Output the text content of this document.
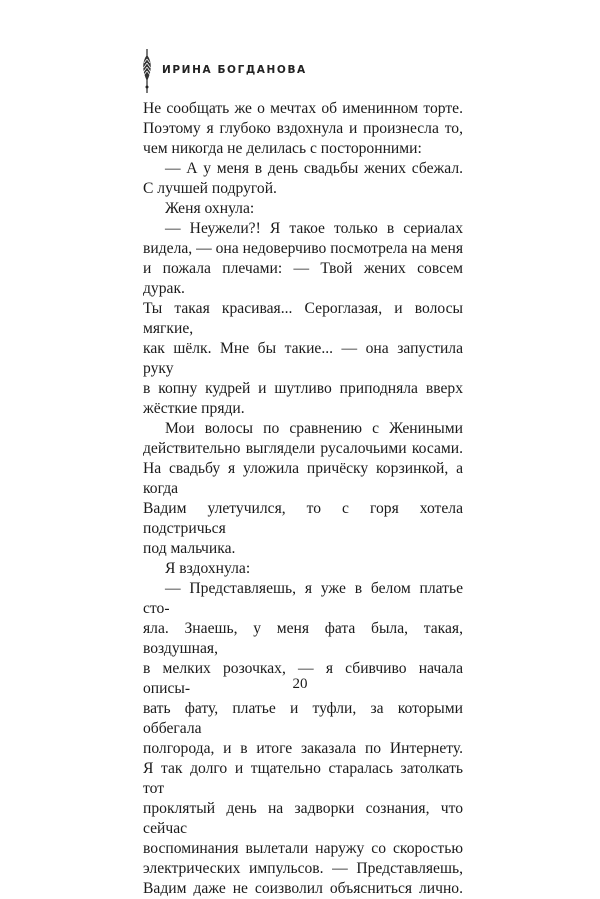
ИРИНА БОГДАНОВА

Не сообщать же о мечтах об именинном торте.

Поэтому я глубоко вздохнула и произнесла то,

чем никогда не делилась с посторонними:

— А у меня в день свадьбы жених сбежал.

С лучшей подругой.

Женя охнула:

— Неужели?! Я такое только в сериалах

видела, — она недоверчиво посмотрела на меня

и пожала плечами: — Твой жених совсем дурак.

Ты такая красивая... Сероглазая, и волосы мягкие,

как шёлк. Мне бы такие... — она запустила руку

в копну кудрей и шутливо приподняла вверх

жёсткие пряди.

Мои волосы по сравнению с Жениными

действительно выглядели русалочьими косами.

На свадьбу я уложила причёску корзинкой, а когда

Вадим улетучился, то с горя хотела подстричься

под мальчика.

Я вздохнула:

— Представляешь, я уже в белом платье сто-

яла. Знаешь, у меня фата была, такая, воздушная,

в мелких розочках, — я сбивчиво начала описы-

вать фату, платье и туфли, за которыми оббегала

полгорода, и в итоге заказала по Интернету.

Я так долго и тщательно старалась затолкать тот

проклятый день на задворки сознания, что сейчас

воспоминания вылетали наружу со скоростью

электрических импульсов. — Представляешь,

Вадим даже не соизволил объясниться лично.

20
